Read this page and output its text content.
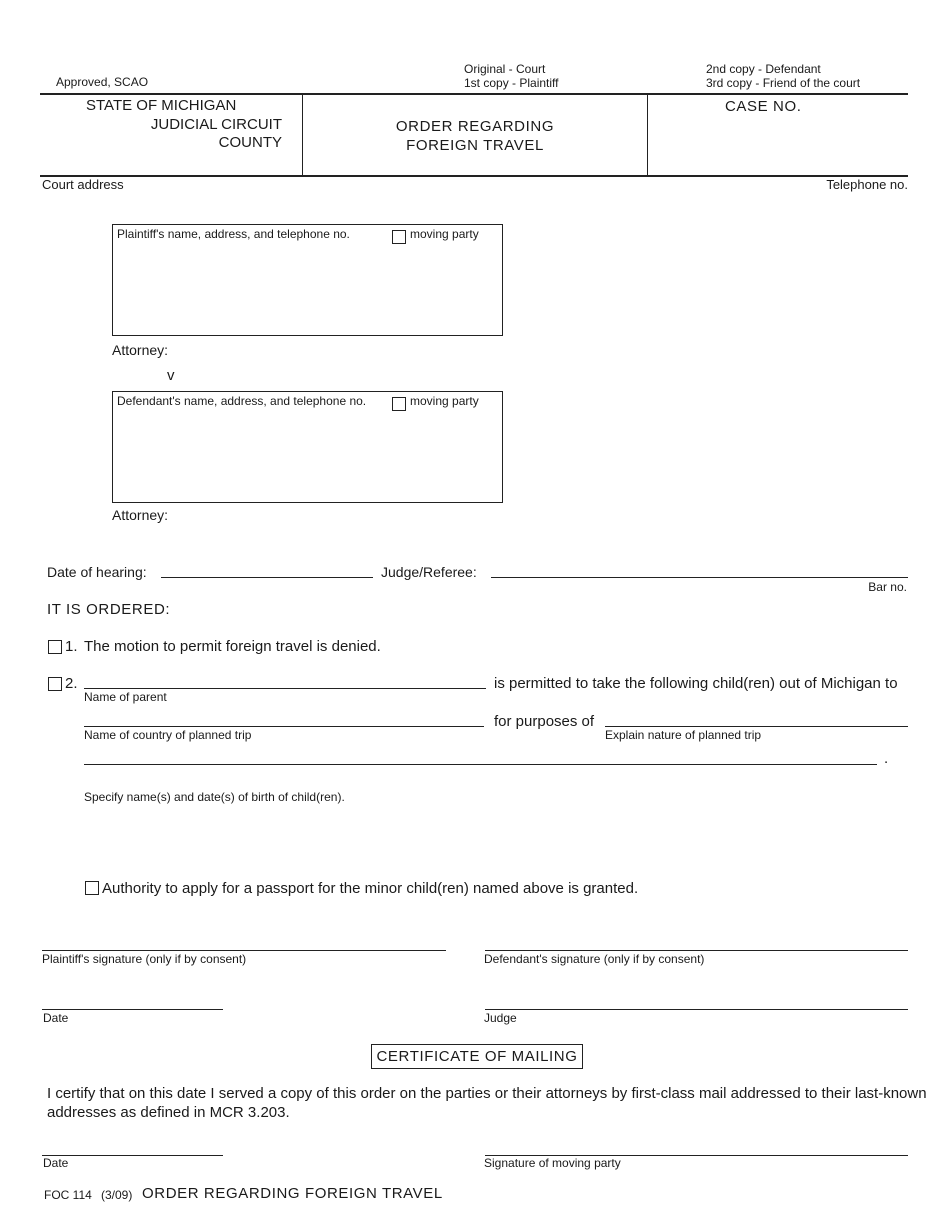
Approved, SCAO
Original - Court
1st copy - Plaintiff
2nd copy - Defendant
3rd copy - Friend of the court
STATE OF MICHIGAN
JUDICIAL CIRCUIT
COUNTY
ORDER REGARDING
FOREIGN TRAVEL
CASE NO.
Court address	Telephone no.
Plaintiff's name, address, and telephone no.	moving party
Attorney:
v
Defendant's name, address, and telephone no.	moving party
Attorney:
Date of hearing:	Judge/Referee:
Bar no.
IT IS ORDERED:
1. The motion to permit foreign travel is denied.
2.	is permitted to take the following child(ren) out of Michigan to
Name of parent
for purposes of
Name of country of planned trip	Explain nature of planned trip
.
Specify name(s) and date(s) of birth of child(ren).
Authority to apply for a passport for the minor child(ren) named above is granted.
Plaintiff's signature (only if by consent)	Defendant's signature (only if by consent)
Date	Judge
CERTIFICATE OF MAILING
I certify that on this date I served a copy of this order on the parties or their attorneys by first-class mail addressed to their last-known
addresses as defined in MCR 3.203.
Date	Signature of moving party
FOC 114 (3/09) ORDER REGARDING FOREIGN TRAVEL
